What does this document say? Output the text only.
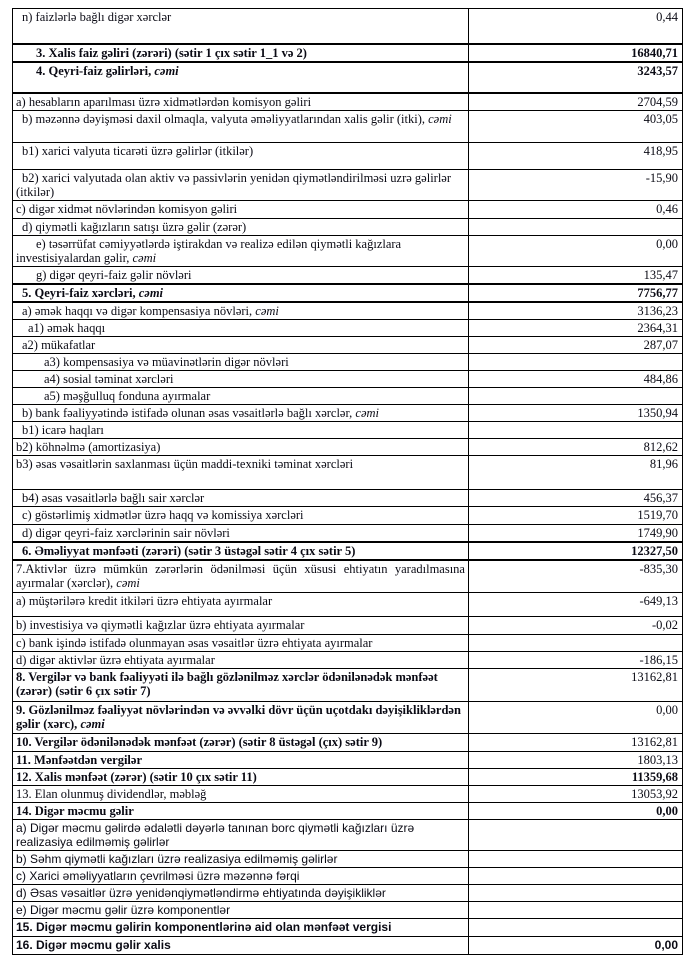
n) faizlərlə bağlı digər xərclər	0,44
3. Xalis faiz gəliri (zərəri) (sətir 1 çıx sətir 1_1 və 2)	16840,71
4. Qeyri-faiz gəlirləri, cəmi	3243,57
a) hesabların aparılması üzrə xidmətlərdən komisyon gəliri	2704,59
b) məzənnə dəyişməsi daxil olmaqla, valyuta əməliyyatlarından xalis gəlir (itki), cəmi	403,05
b1) xarici valyuta ticarəti üzrə gəlirlər (itkilər)	418,95
b2) xarici valyutada olan aktiv və passivlərin yenidən qiymətləndirilməsi uzrə gəlirlər (itkilər)	-15,90
c) digər xidmət növlərindən komisyon gəliri	0,46
d) qiymətli kağızların satışı üzrə gəlir (zərər)	
e) təsərrüfat cəmiyyətlərdə iştirakdan və realizə edilən qiymətli kağızlara investisiyalardan gəlir, cəmi	0,00
g) digər qeyri-faiz gəlir növləri	135,47
5. Qeyri-faiz xərcləri, cəmi	7756,77
a) əmək haqqı və digər kompensasiya növləri, cəmi	3136,23
a1) əmək haqqı	2364,31
a2) mükafatlar	287,07
a3) kompensasiya və müavinətlərin digər növləri	
a4) sosial təminat xərcləri	484,86
a5) məşğulluq fonduna ayırmalar	
b) bank fəaliyyətində istifadə olunan əsas vəsaitlərlə bağlı xərclər, cəmi	1350,94
b1) icarə haqları	
b2) köhnəlmə (amortizasiya)	812,62
b3) əsas vəsaitlərin saxlanması üçün maddi-texniki təminat xərcləri	81,96
b4) əsas vəsaitlərlə bağlı sair xərclər	456,37
c) göstərlimiş xidmətlər üzrə haqq və komissiya xərcləri	1519,70
d) digər qeyri-faiz xərclərinin sair növləri	1749,90
6. Əməliyyat mənfəəti (zərəri) (sətir 3 üstəgəl sətir 4 çıx sətir 5)	12327,50
7.Aktivlər üzrə mümkün zərərlərin ödənilməsi üçün xüsusi ehtiyatın yaradılmasına ayırmalar (xərclər), cəmi	-835,30
a) müştərilərə kredit itkiləri üzrə ehtiyata ayırmalar	-649,13
b) investisiya və qiymətli kağızlar üzrə ehtiyata ayırmalar	-0,02
c) bank işində istifadə olunmayan əsas vəsaitlər üzrə ehtiyata ayırmalar	
d) digər aktivlər üzrə ehtiyata ayırmalar	-186,15
8. Vergilər və bank fəaliyyəti ilə bağlı gözlənilməz xərclər ödənilənədək mənfəət (zərər) (sətir 6 çıx sətir 7)	13162,81
9. Gözlənilməz fəaliyyət növlərindən və əvvəlki dövr üçün uçotdakı dəyişikliklərdən gəlir (xərc), cəmi	0,00
10. Vergilər ödənilənədək mənfəət (zərər) (sətir 8 üstəgəl (çıx) sətir 9)	13162,81
11. Mənfəətdən vergilər	1803,13
12. Xalis mənfəət (zərər) (sətir 10 çıx sətir 11)	11359,68
13. Elan olunmuş dividendlər, məbləğ	13053,92
14. Digər məcmu gəlir	0,00
a) Digər məcmu gəlirdə ədalətli dəyərlə tanınan borc qiymətli kağızları üzrə realizasiya edilməmiş gəlirlər	
b) Səhm qiymətli kağızları üzrə realizasiya edilməmiş gəlirlər	
c) Xarici əməliyyatların çevrilməsi üzrə məzənnə fərqi	
d) Əsas vəsaitlər üzrə yenidənqiymətləndirmə ehtiyatında dəyişikliklər	
e) Digər məcmu gəlir üzrə komponentlər	
15. Digər məcmu gəlirin komponentlərinə aid olan mənfəət vergisi	
16. Digər məcmu gəlir xalis	0,00
